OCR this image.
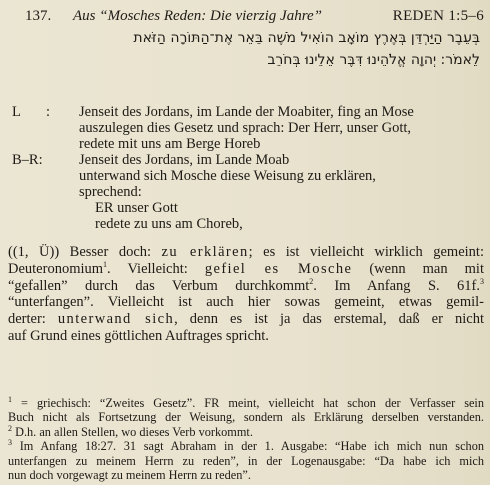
137. Aus “Mosches Reden: Die vierzig Jahre”	REDEN 1:5–6
בְּעֵבֶר הַיַּרְדֵּן בְּאֶרֶץ מוֹאָב הוֹאִיל מֹשֶׁה בֵּאֵר אֶת־הַתּוֹרָה הַזֹּאת
לֵאמֹר: יְהוָה אֱלֹהֵינוּ דִּבֶּר אֵלֵינוּ בְּחֹרֵב
L : Jenseit des Jordans, im Lande der Moabiter, fing an Mose
auszulegen dies Gesetz und sprach: Der Herr, unser Gott,
redete mit uns am Berge Horeb
B–R:	Jenseit des Jordans, im Lande Moab
unterwand sich Mosche diese Weisung zu erklären,
sprechend:
ER unser Gott
redete zu uns am Choreb,
((1, Ü)) Besser doch: zu erklären; es ist vielleicht wirklich gemeint:
Deuteronomium$^1$. Vielleicht: gefiel es Mosche (wenn man mit
“gefallen” durch das Verbum durchkommt$^2$. Im Anfang S. 61f.$^3$
“unterfangen”. Vielleicht ist auch hier sowas gemeint, etwas gemil-
derter: unterwand sich, denn es ist ja das erstemal, daß er nicht
auf Grund eines göttlichen Auftrages spricht.
$^1$ = griechisch: “Zweites Gesetz”. FR meint, vielleicht hat schon der Verfasser sein
Buch nicht als Fortsetzung der Weisung, sondern als Erklärung derselben verstanden.
$^2$ D.h. an allen Stellen, wo dieses Verb vorkommt.
$^3$ Im Anfang 18:27. 31 sagt Abraham in der 1. Ausgabe: “Habe ich mich nun schon
unterfangen zu meinem Herrn zu reden”, in der Logenausgabe: “Da habe ich mich
nun doch vorgewagt zu meinem Herrn zu reden”.
